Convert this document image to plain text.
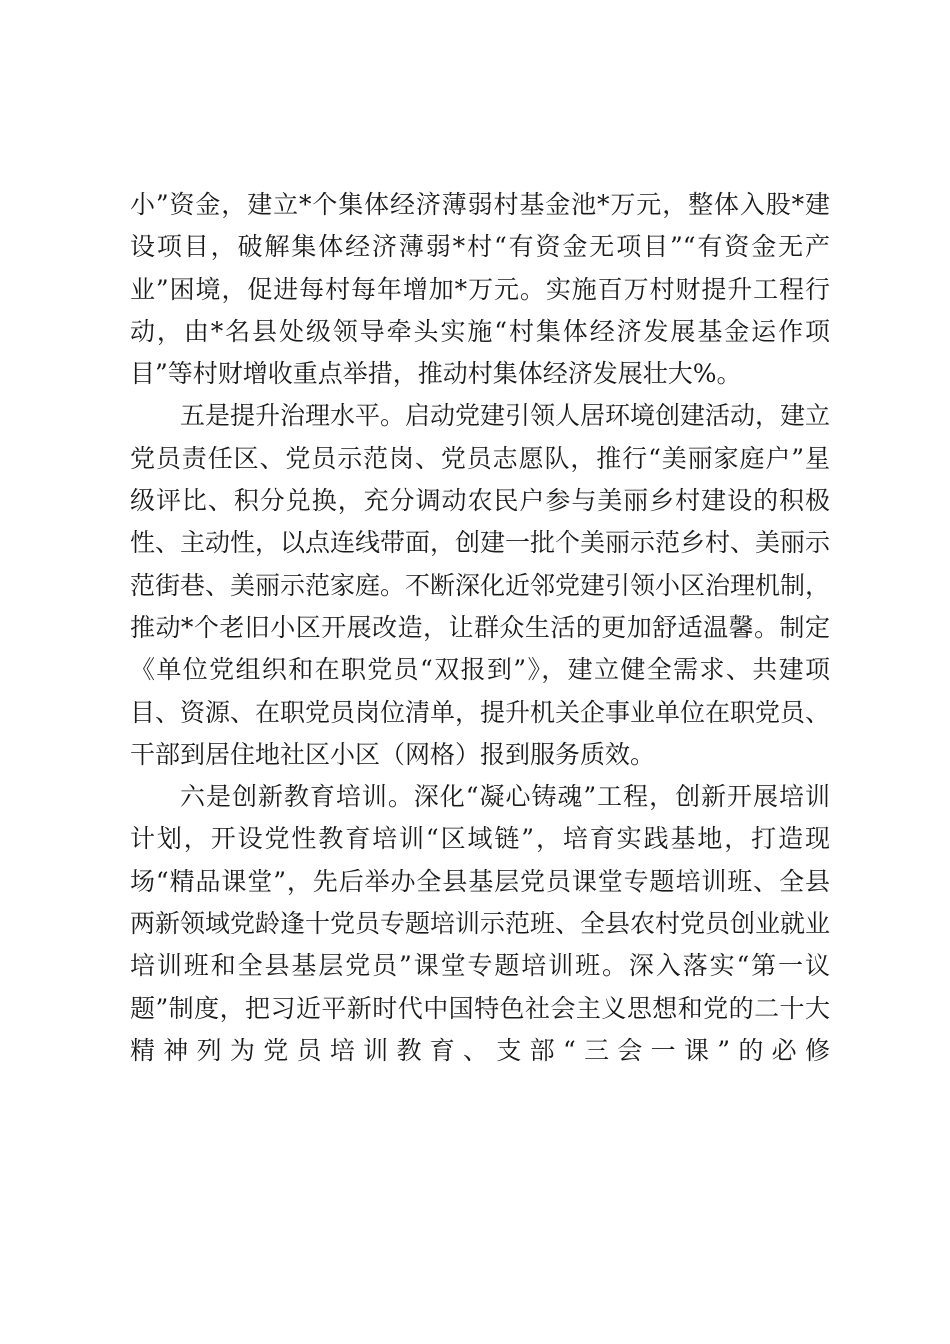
小”资金，建立*个集体经济薄弱村基金池*万元，整体入股*建设项目，破解集体经济薄弱*村“有资金无项目”“有资金无产业”困境，促进每村每年增加*万元。实施百万村财提升工程行动，由*名县处级领导牵头实施“村集体经济发展基金运作项目”等村财增收重点举措，推动村集体经济发展壮大%。

五是提升治理水平。启动党建引领人居环境创建活动，建立党员责任区、党员示范岗、党员志愿队，推行“美丽家庭户”星级评比、积分兑换，充分调动农民户参与美丽乡村建设的积极性、主动性，以点连线带面，创建一批个美丽示范乡村、美丽示范街巷、美丽示范家庭。不断深化近邻党建引领小区治理机制，推动*个老旧小区开展改造，让群众生活的更加舒适温馨。制定《单位党组织和在职党员“双报到”》，建立健全需求、共建项目、资源、在职党员岗位清单，提升机关企事业单位在职党员、干部到居住地社区小区（网格）报到服务质效。

六是创新教育培训。深化“凝心铸魂”工程，创新开展培训计划，开设党性教育培训“区域链”，培育实践基地，打造现场“精品课堂”，先后举办全县基层党员课堂专题培训班、全县两新领域党龄逢十党员专题培训示范班、全县农村党员创业就业培训班和全县基层党员”课堂专题培训班。深入落实“第一议题”制度，把习近平新时代中国特色社会主义思想和党的二十大精神列为党员培训教育、支部“三会一课”的必修
